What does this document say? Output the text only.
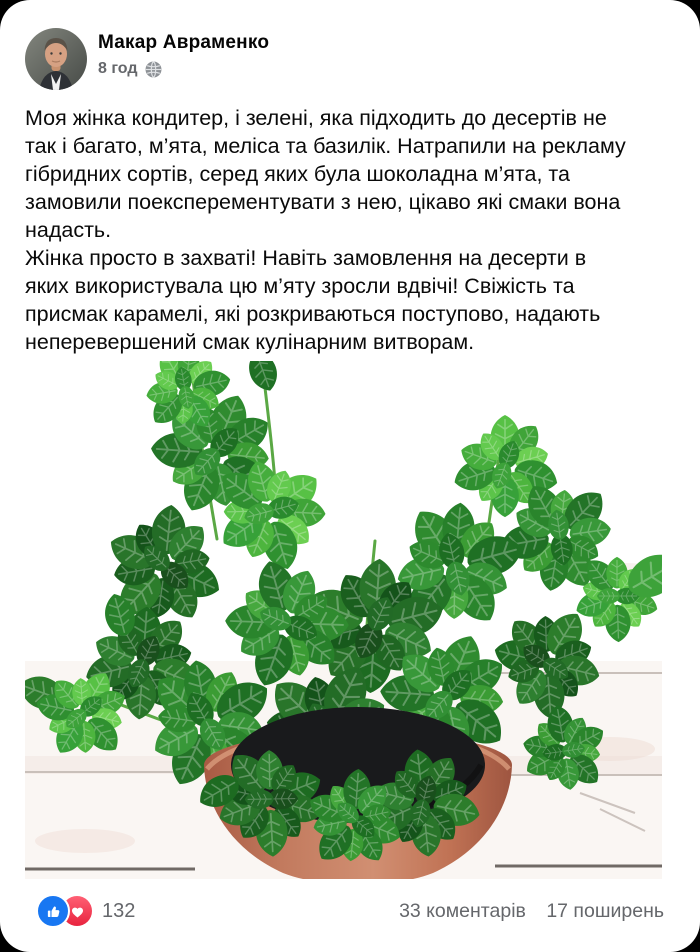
Макар Авраменко
8 год
Моя жінка кондитер, і зелені, яка підходить до десертів не
так і багато, м’ята, меліса та базилік. Натрапили на рекламу
гібридних сортів, серед яких була шоколадна м’ята, та
замовили поексперементувати з нею, цікаво які смаки вона
надасть.
Жінка просто в захваті! Навіть замовлення на десерти в
яких використувала цю м’яту зросли вдвічі! Свіжість та
присмак карамелі, які розкриваються поступово, надають
неперевершений смак кулінарним витворам.
132	33 коментарів 17 поширень
